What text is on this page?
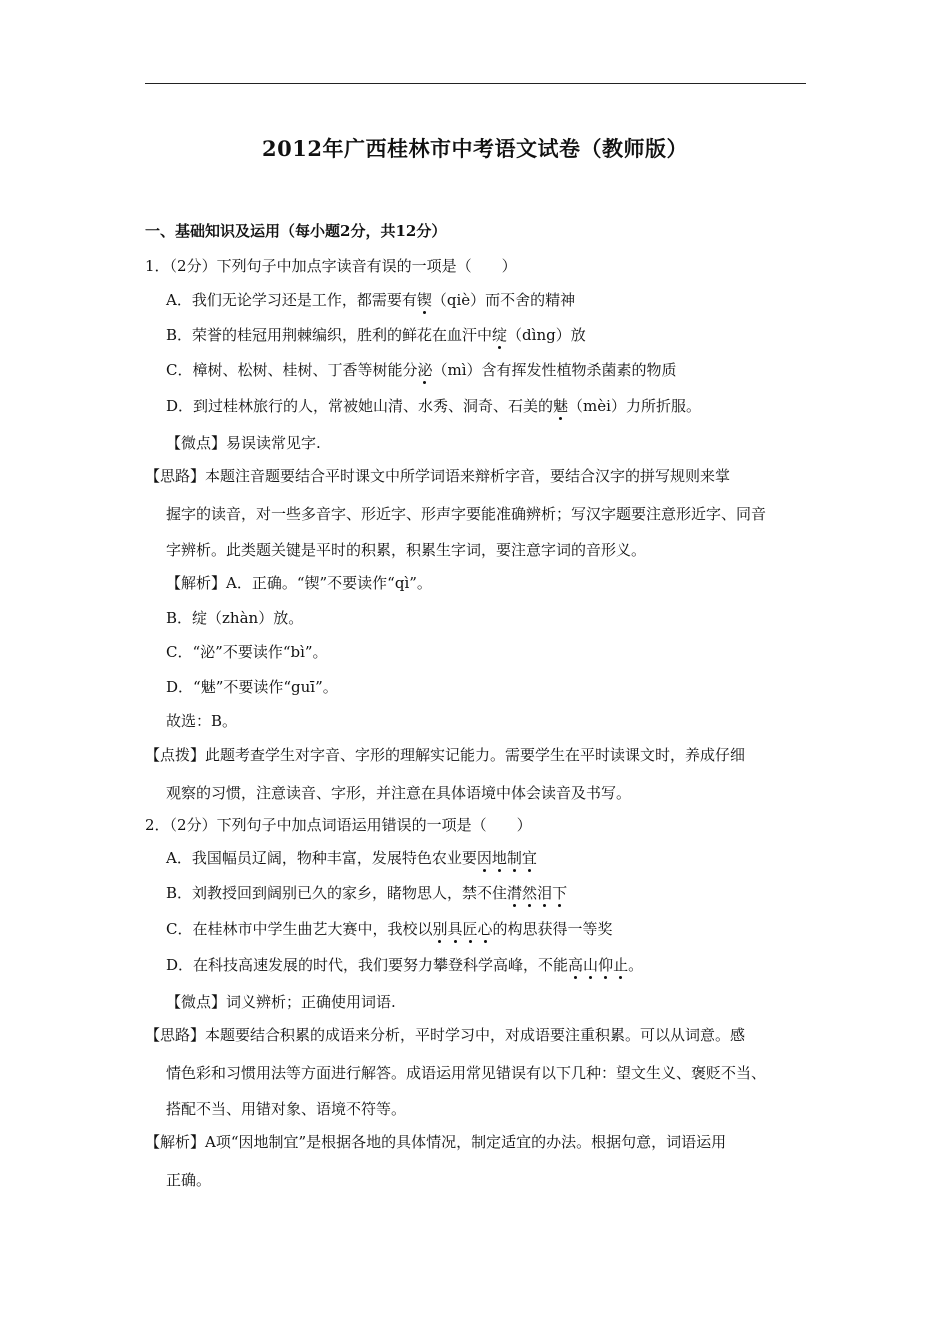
2012年广西桂林市中考语文试卷（教师版）
一、基础知识及运用（每小题2分，共12分）
1．（2分）下列句子中加点字读音有误的一项是（　　）
A．我们无论学习还是工作，都需要有锲（qiè）而不舍的精神
B．荣誉的桂冠用荆棘编织，胜利的鲜花在血汗中绽（dìng）放
C．樟树、松树、桂树、丁香等树能分泌（mì）含有挥发性植物杀菌素的物质
D．到过桂林旅行的人，常被她山清、水秀、洞奇、石美的魅（mèi）力所折服。
【微点】易误读常见字.
【思路】本题注音题要结合平时课文中所学词语来辩析字音，要结合汉字的拼写规则来掌
握字的读音，对一些多音字、形近字、形声字要能准确辨析；写汉字题要注意形近字、同音
字辨析。此类题关键是平时的积累，积累生字词，要注意字词的音形义。
【解析】A．正确。“锲”不要读作“qì”。
B．绽（zhàn）放。
C．“泌”不要读作“bì”。
D．“魅”不要读作“guī”。
故选：B。
【点拨】此题考查学生对字音、字形的理解实记能力。需要学生在平时读课文时，养成仔细
观察的习惯，注意读音、字形，并注意在具体语境中体会读音及书写。
2．（2分）下列句子中加点词语运用错误的一项是（　　）
A．我国幅员辽阔，物种丰富，发展特色农业要因地制宜
B．刘教授回到阔别已久的家乡，睹物思人，禁不住潸然泪下
C．在桂林市中学生曲艺大赛中，我校以别具匠心的构思获得一等奖
D．在科技高速发展的时代，我们要努力攀登科学高峰，不能高山仰止。
【微点】词义辨析；正确使用词语.
【思路】本题要结合积累的成语来分析，平时学习中，对成语要注重积累。可以从词意。感
情色彩和习惯用法等方面进行解答。成语运用常见错误有以下几种：望文生义、褒贬不当、
搭配不当、用错对象、语境不符等。
【解析】A项“因地制宜”是根据各地的具体情况，制定适宜的办法。根据句意，词语运用
正确。
